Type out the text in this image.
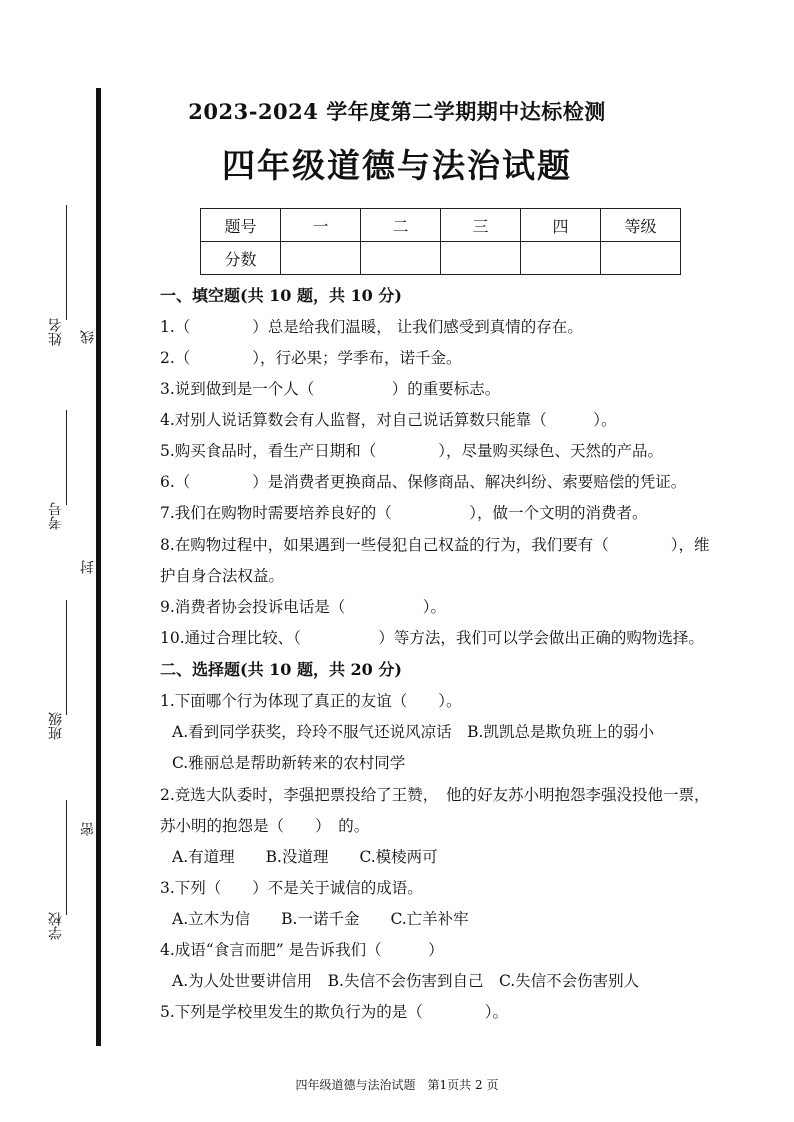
姓名
考号
班级
学校
线
封
密
2023-2024 学年度第二学期期中达标检测
四年级道德与法治试题
题号	一	二	三	四	等级
分数					
一、填空题(共 10 题，共 10 分)
1.（　　　　）总是给我们温暖， 让我们感受到真情的存在。
2.（　　　　），行必果；学季布，诺千金。
3.说到做到是一个人（　　　　　）的重要标志。
4.对别人说话算数会有人监督，对自己说话算数只能靠（　　　）。
5.购买食品时，看生产日期和（　　　　），尽量购买绿色、天然的产品。
6.（　　　　）是消费者更换商品、保修商品、解决纠纷、索要赔偿的凭证。
7.我们在购物时需要培养良好的（　　　　　），做一个文明的消费者。
8.在购物过程中，如果遇到一些侵犯自己权益的行为，我们要有（　　　　），维
护自身合法权益。
9.消费者协会投诉电话是（　　　　　）。
10.通过合理比较、（　　　　　）等方法，我们可以学会做出正确的购物选择。
二、选择题(共 10 题，共 20 分)
1.下面哪个行为体现了真正的友谊（　　）。
A.看到同学获奖，玲玲不服气还说风凉话　B.凯凯总是欺负班上的弱小
C.雅丽总是帮助新转来的农村同学
2.竞选大队委时，李强把票投给了王赞，　他的好友苏小明抱怨李强没投他一票，
苏小明的抱怨是（　　）　的。
A.有道理　　B.没道理　　C.模棱两可
3.下列（　　）不是关于诚信的成语。
A.立木为信　　B.一诺千金　　C.亡羊补牢
4.成语“食言而肥” 是告诉我们（　　　）
A.为人处世要讲信用　B.失信不会伤害到自己　C.失信不会伤害别人
5.下列是学校里发生的欺负行为的是（　　　　）。
四年级道德与法治试题　第1页共 2 页
